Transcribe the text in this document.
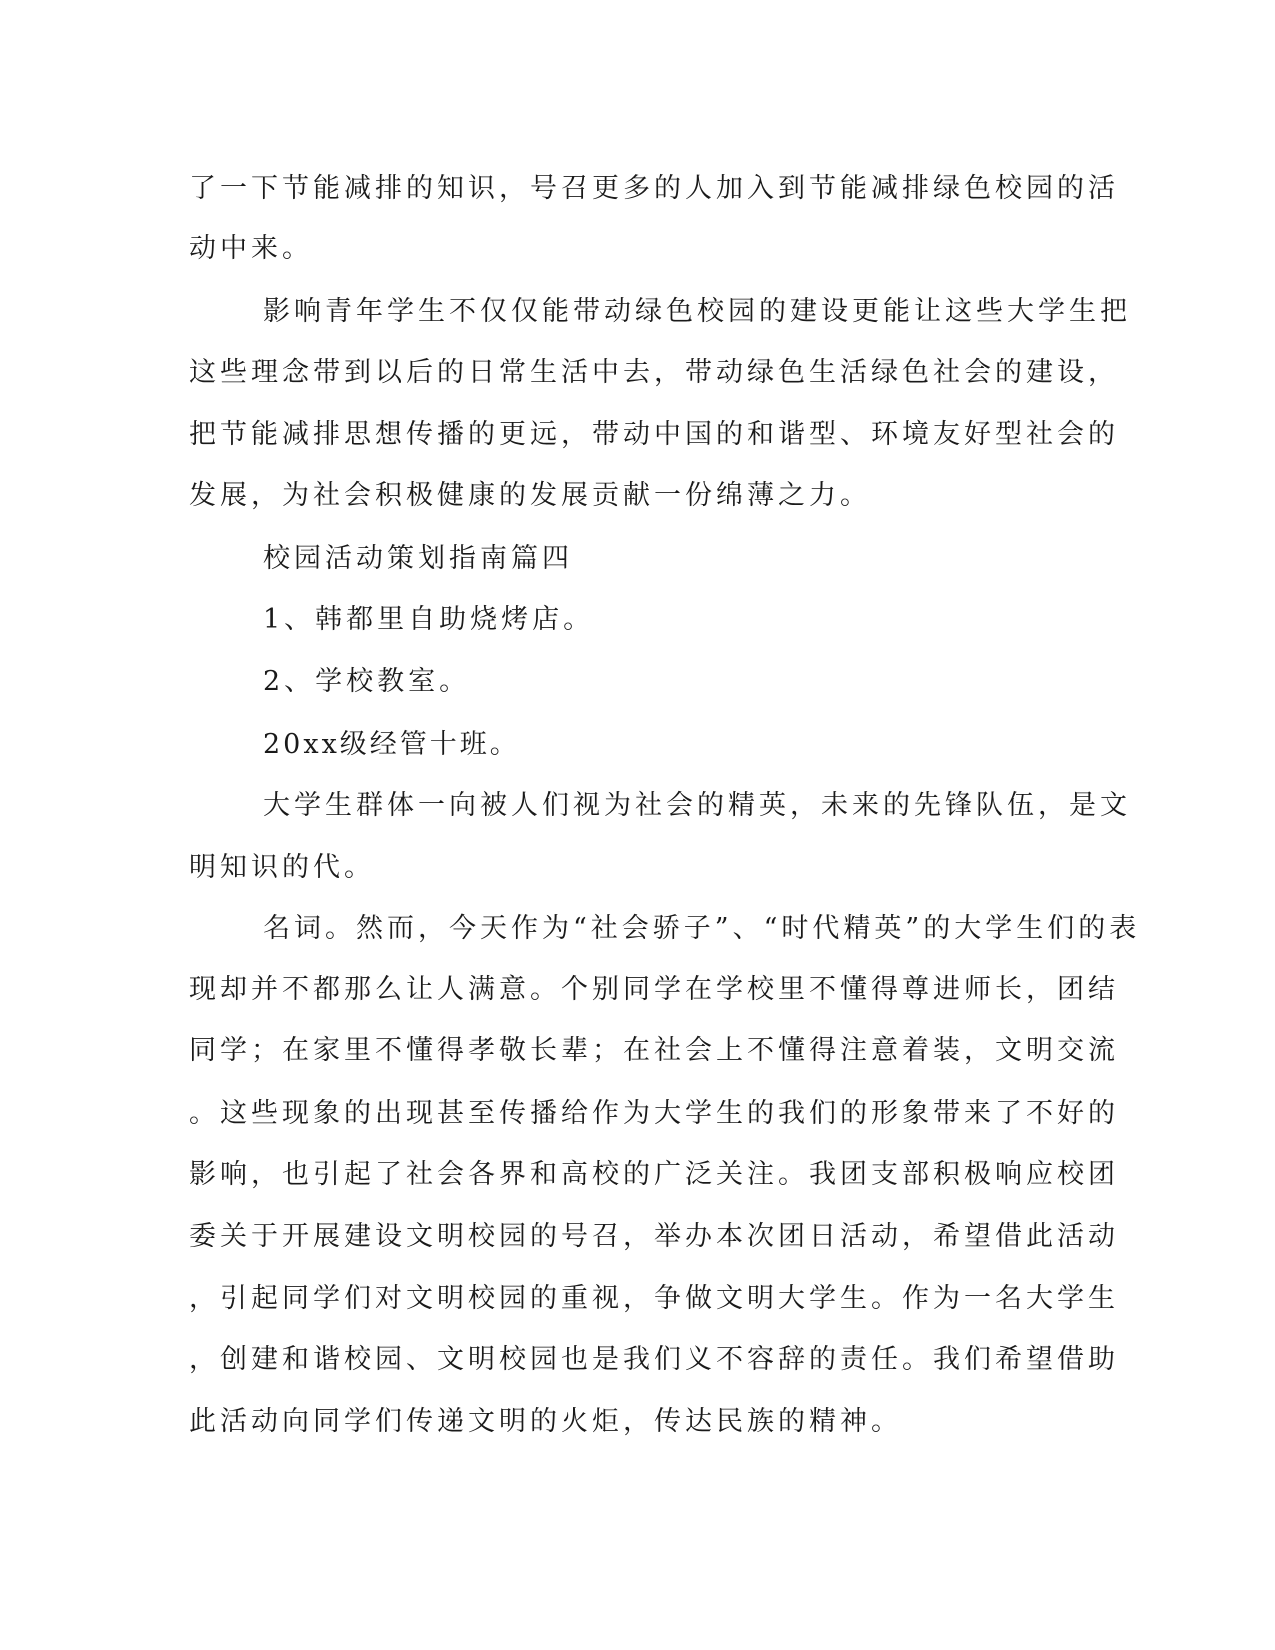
了一下节能减排的知识，号召更多的人加入到节能减排绿色校园的活
动中来。
影响青年学生不仅仅能带动绿色校园的建设更能让这些大学生把
这些理念带到以后的日常生活中去，带动绿色生活绿色社会的建设，
把节能减排思想传播的更远，带动中国的和谐型、环境友好型社会的
发展，为社会积极健康的发展贡献一份绵薄之力。
校园活动策划指南篇四
1、韩都里自助烧烤店。
2、学校教室。
20xx级经管十班。
大学生群体一向被人们视为社会的精英，未来的先锋队伍，是文
明知识的代。
名词。然而，今天作为“社会骄子”、“时代精英”的大学生们的表
现却并不都那么让人满意。个别同学在学校里不懂得尊进师长，团结
同学；在家里不懂得孝敬长辈；在社会上不懂得注意着装，文明交流
。这些现象的出现甚至传播给作为大学生的我们的形象带来了不好的
影响，也引起了社会各界和高校的广泛关注。我团支部积极响应校团
委关于开展建设文明校园的号召，举办本次团日活动，希望借此活动
，引起同学们对文明校园的重视，争做文明大学生。作为一名大学生
，创建和谐校园、文明校园也是我们义不容辞的责任。我们希望借助
此活动向同学们传递文明的火炬，传达民族的精神。
